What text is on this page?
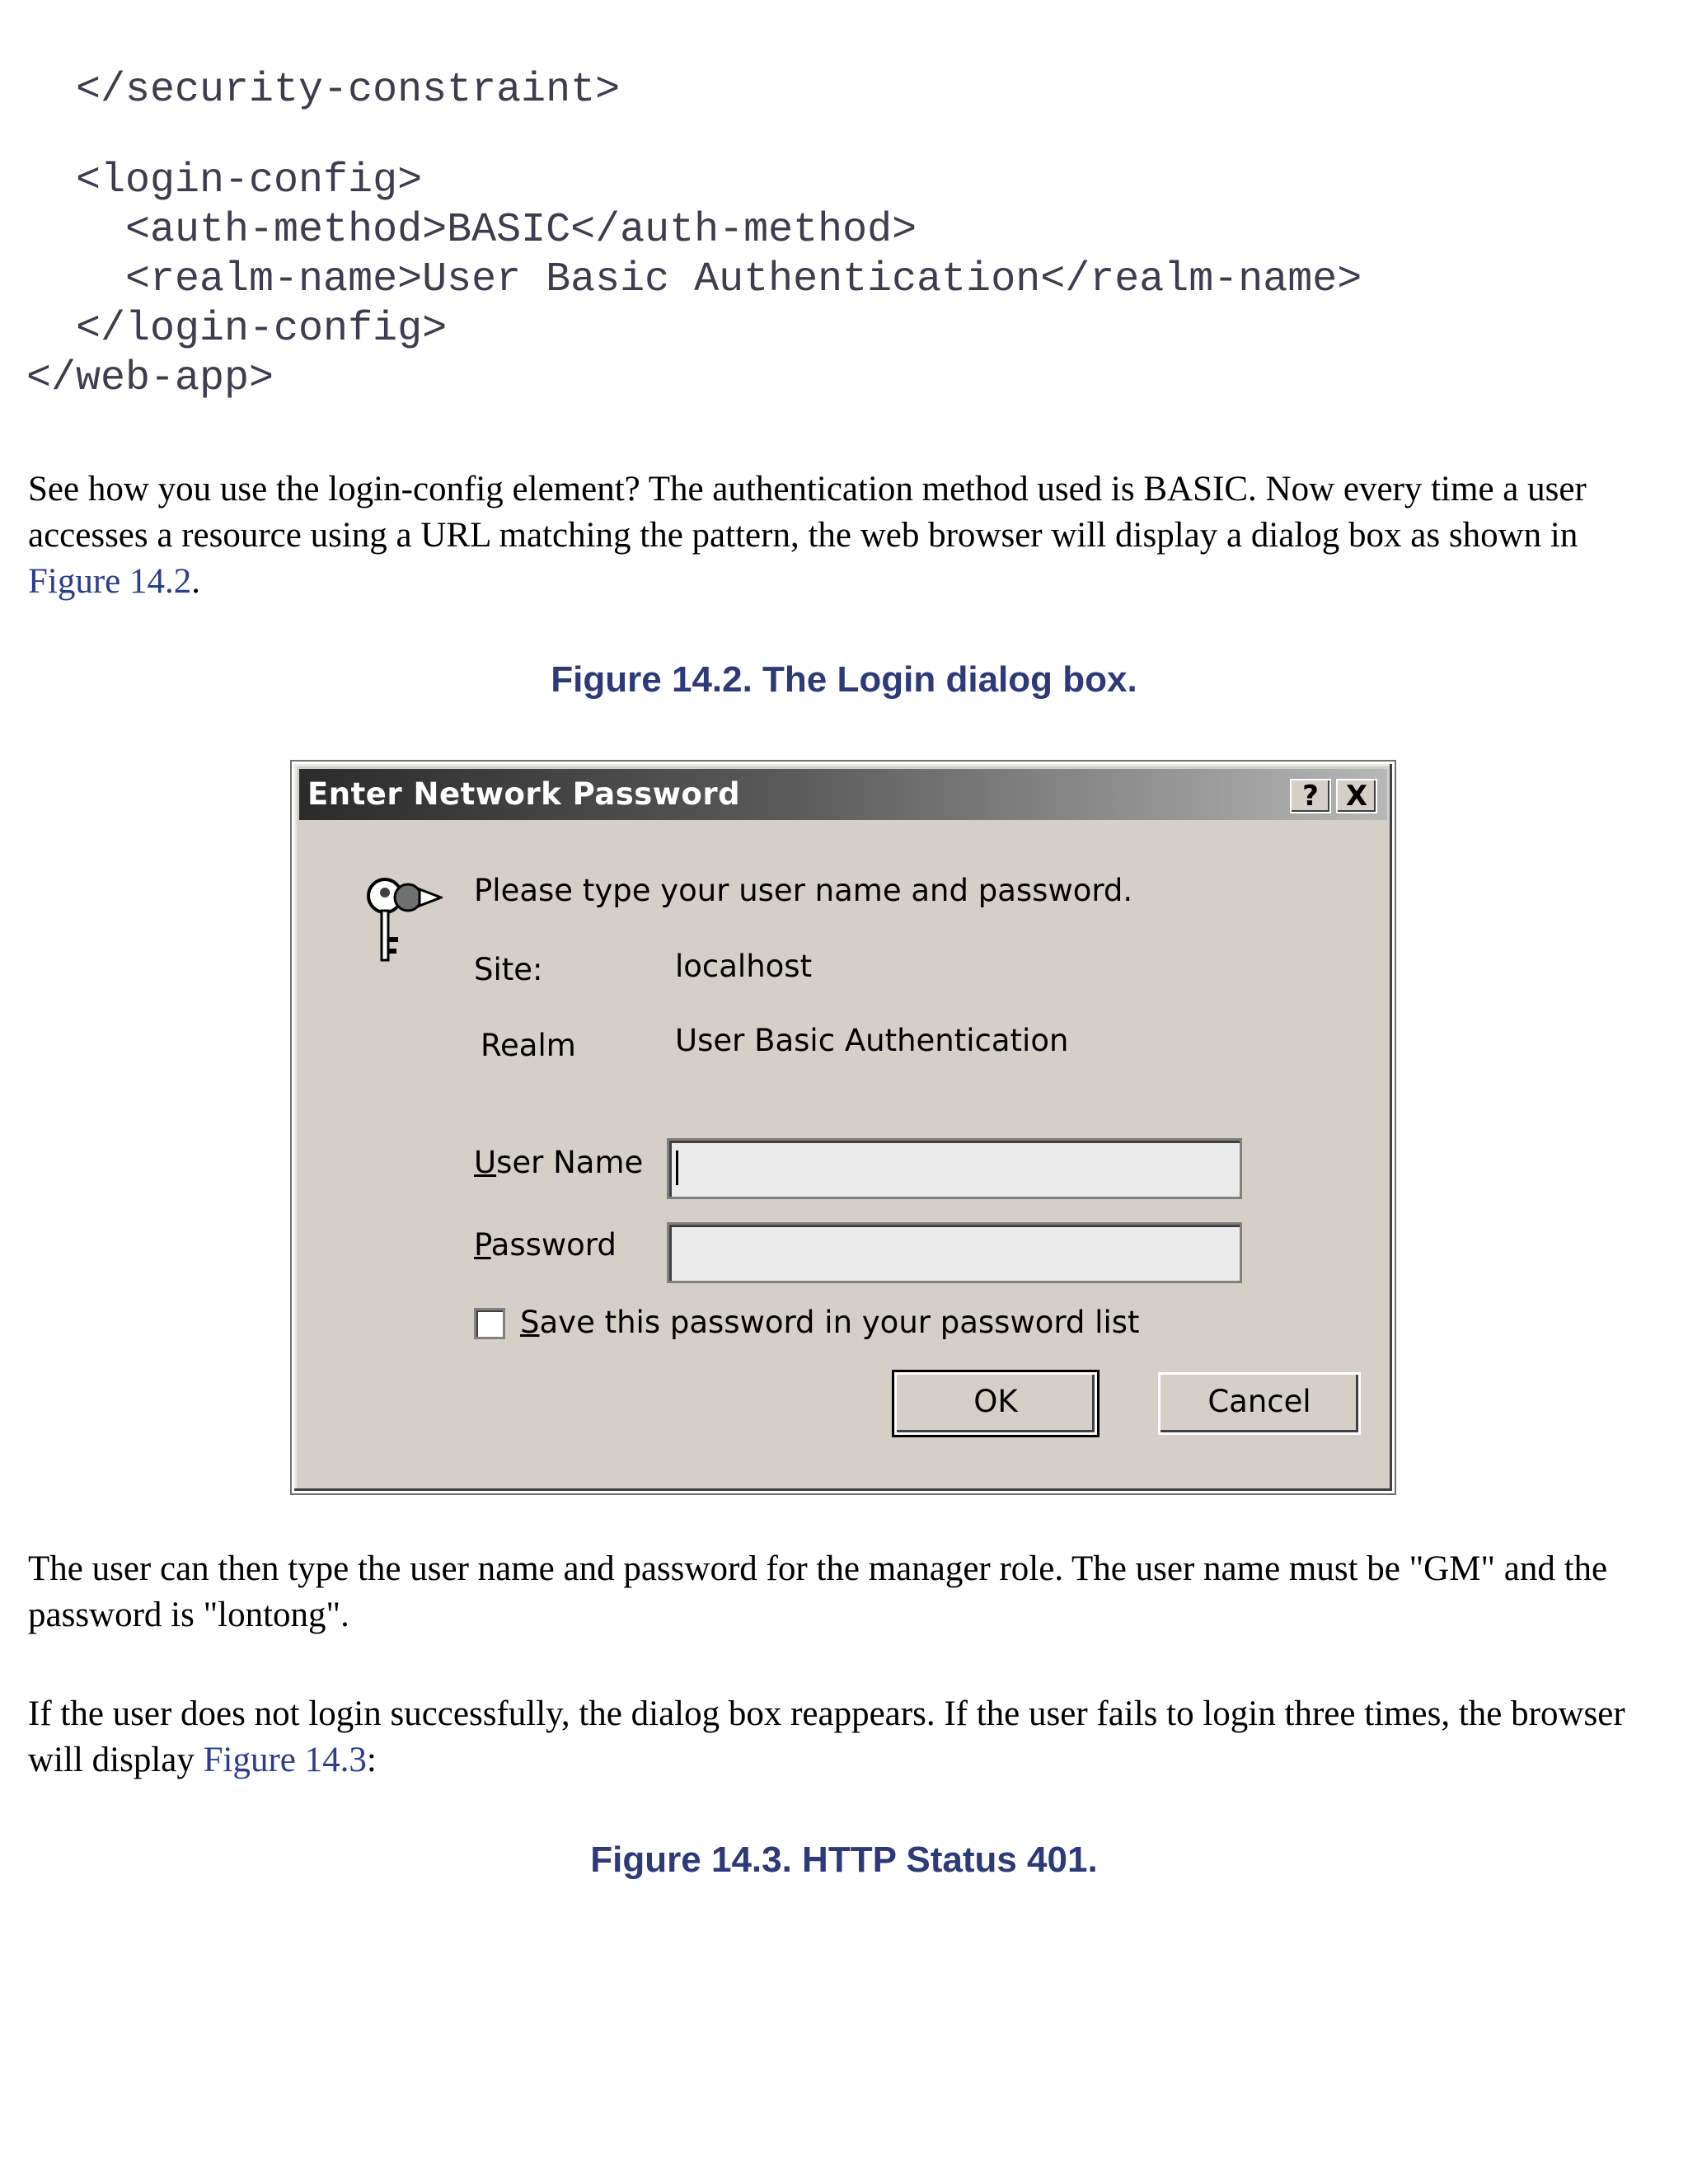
</security-constraint>
<login-config>
<auth-method>BASIC</auth-method>
<realm-name>User Basic Authentication</realm-name>
</login-config>
</web-app>

See how you use the login-config element? The authentication method used is BASIC. Now every time a user accesses a resource using a URL matching the pattern, the web browser will display a dialog box as shown in Figure 14.2.

Figure 14.2. The Login dialog box.

Enter Network Password	? X
Please type your user name and password.
Site:	localhost
Realm	User Basic Authentication
User Name
Password
Save this password in your password list
OK	Cancel

The user can then type the user name and password for the manager role. The user name must be "GM" and the password is "lontong".

If the user does not login successfully, the dialog box reappears. If the user fails to login three times, the browser will display Figure 14.3:

Figure 14.3. HTTP Status 401.
